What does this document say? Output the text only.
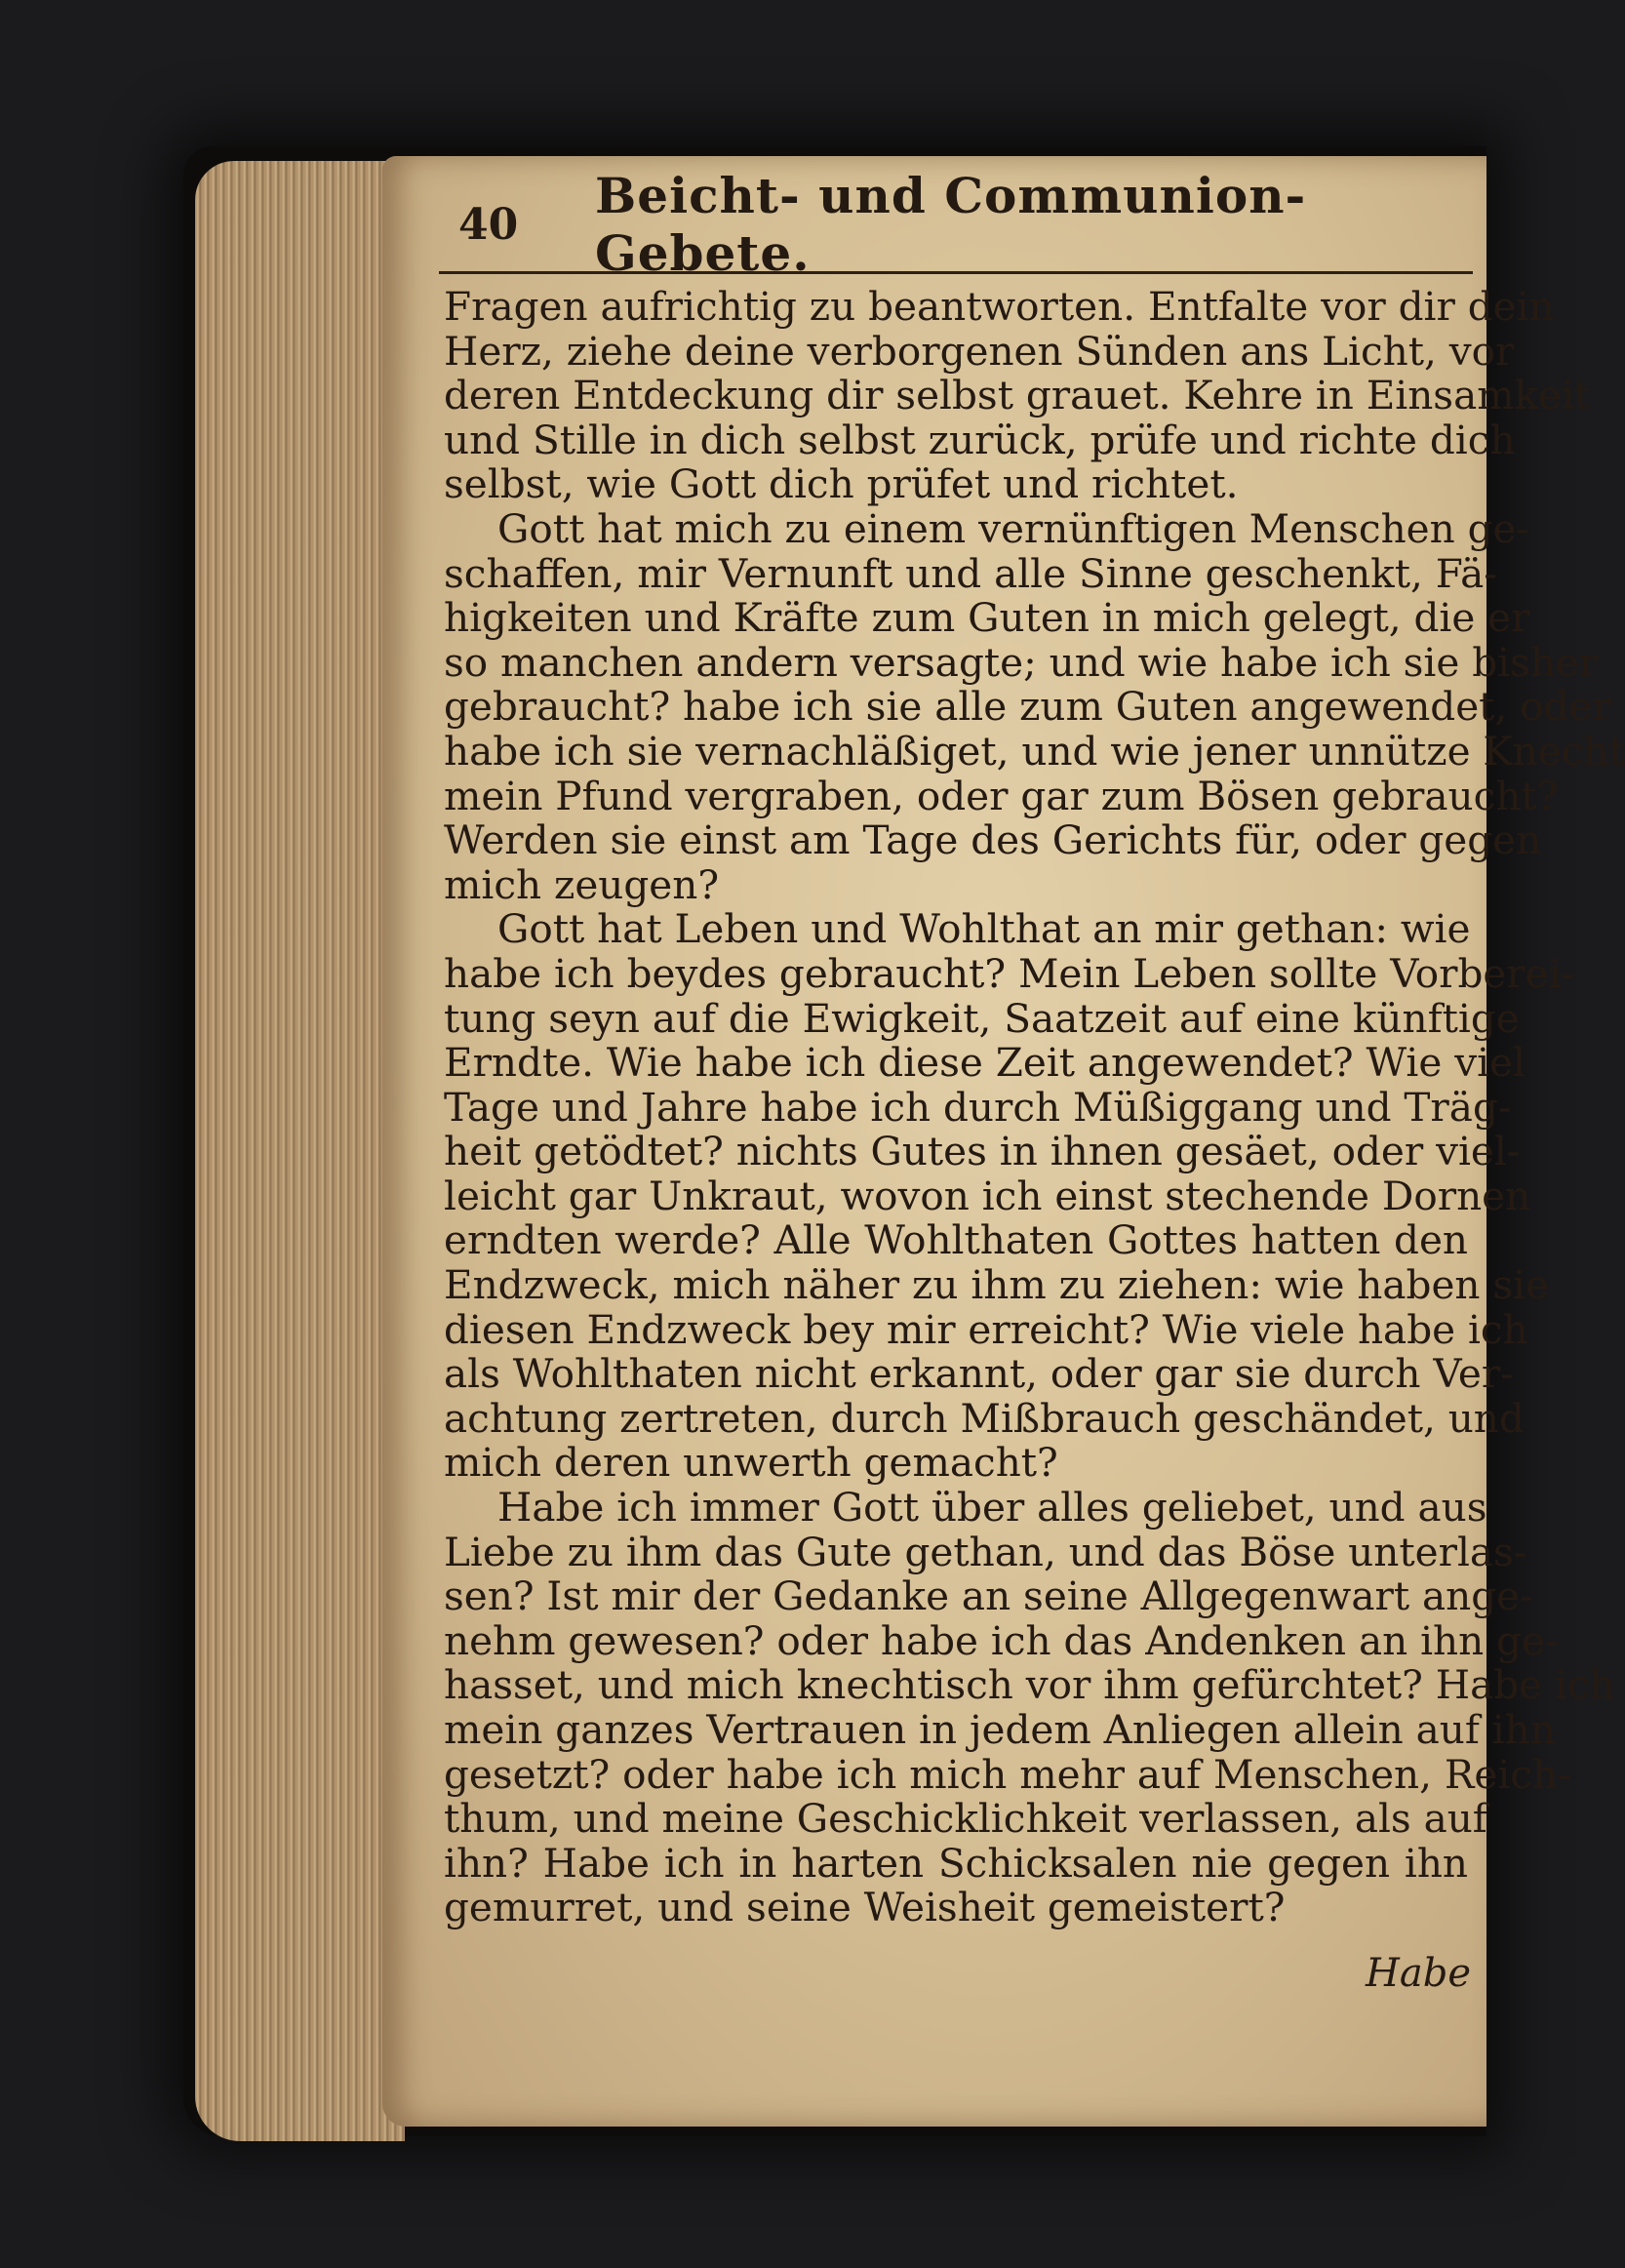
40	Beicht- und Communion-Gebete.
Fragen aufrichtig zu beantworten. Entfalte vor dir dein
Herz, ziehe deine verborgenen Sünden ans Licht, vor
deren Entdeckung dir selbst grauet. Kehre in Einsamkeit
und Stille in dich selbst zurück, prüfe und richte dich
selbst, wie Gott dich prüfet und richtet.
Gott hat mich zu einem vernünftigen Menschen ge-
schaffen, mir Vernunft und alle Sinne geschenkt, Fä-
higkeiten und Kräfte zum Guten in mich gelegt, die er
so manchen andern versagte; und wie habe ich sie bisher
gebraucht? habe ich sie alle zum Guten angewendet, oder
habe ich sie vernachläßiget, und wie jener unnütze Knecht
mein Pfund vergraben, oder gar zum Bösen gebraucht?
Werden sie einst am Tage des Gerichts für, oder gegen
mich zeugen?
Gott hat Leben und Wohlthat an mir gethan: wie
habe ich beydes gebraucht? Mein Leben sollte Vorberei-
tung seyn auf die Ewigkeit, Saatzeit auf eine künftige
Erndte. Wie habe ich diese Zeit angewendet? Wie viel
Tage und Jahre habe ich durch Müßiggang und Träg-
heit getödtet? nichts Gutes in ihnen gesäet, oder viel-
leicht gar Unkraut, wovon ich einst stechende Dornen
erndten werde? Alle Wohlthaten Gottes hatten den
Endzweck, mich näher zu ihm zu ziehen: wie haben sie
diesen Endzweck bey mir erreicht? Wie viele habe ich
als Wohlthaten nicht erkannt, oder gar sie durch Ver-
achtung zertreten, durch Mißbrauch geschändet, und
mich deren unwerth gemacht?
Habe ich immer Gott über alles geliebet, und aus
Liebe zu ihm das Gute gethan, und das Böse unterlas-
sen? Ist mir der Gedanke an seine Allgegenwart ange-
nehm gewesen? oder habe ich das Andenken an ihn ge-
hasset, und mich knechtisch vor ihm gefürchtet? Habe ich
mein ganzes Vertrauen in jedem Anliegen allein auf ihn
gesetzt? oder habe ich mich mehr auf Menschen, Reich-
thum, und meine Geschicklichkeit verlassen, als auf
ihn? Habe ich in harten Schicksalen nie gegen ihn
gemurret, und seine Weisheit gemeistert?
Habe
